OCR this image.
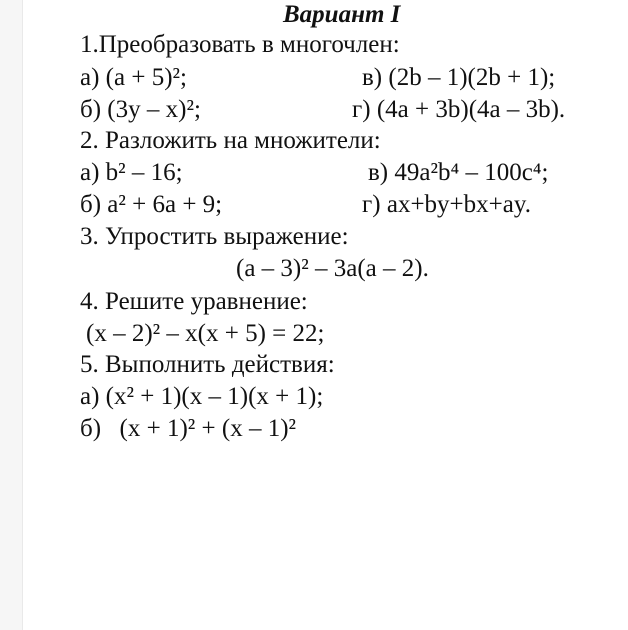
Вариант I
1.Преобразовать в многочлен:
а) (a + 5)²;	в) (2b – 1)(2b + 1);
б) (3y – x)²;	г) (4a + 3b)(4a – 3b).
2. Разложить на множители:
а) b² – 16;	в) 49a²b⁴ – 100c⁴;
б) a² + 6a + 9;	г) ax+by+bx+ay.
3. Упростить выражение:
(a – 3)² – 3a(a – 2).
4. Решите уравнение:
(x – 2)² – x(x + 5) = 22;
5. Выполнить действия:
а) (x² + 1)(x – 1)(x + 1);
б) (x + 1)² + (x – 1)²
